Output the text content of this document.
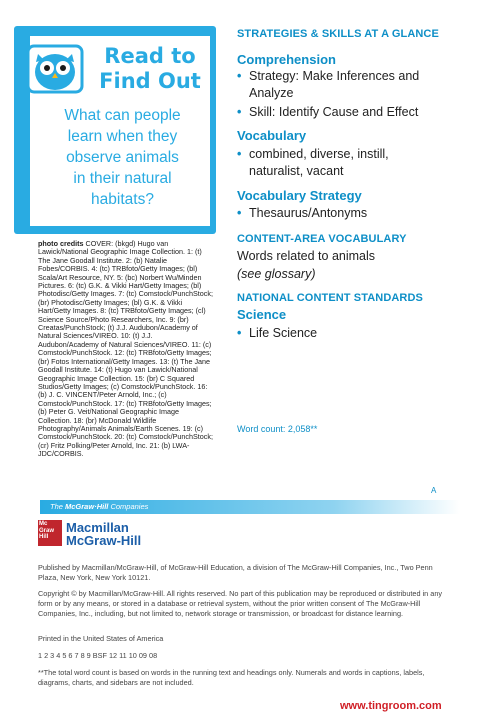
Read to
Find Out
What can people
learn when they
observe animals
in their natural
habitats?
photo credits COVER: (bkgd) Hugo van Lawick/National Geographic Image Collection. 1: (t) The Jane Goodall Institute. 2: (b) Natalie Fobes/CORBIS. 4: (tc) TRBfoto/Getty Images; (bl) Scala/Art Resource, NY. 5: (bc) Norbert Wu/Minden Pictures. 6: (tc) G.K. & Vikki Hart/Getty Images; (bl) Photodisc/Getty Images. 7: (tc) Comstock/PunchStock; (br) Photodisc/Getty Images; (bl) G.K. & Vikki Hart/Getty Images. 8: (tc) TRBfoto/Getty Images; (cl) Science Source/Photo Researchers, Inc. 9: (br) Creatas/PunchStock; (t) J.J. Audubon/Academy of Natural Sciences/VIREO. 10: (t) J.J. Audubon/Academy of Natural Sciences/VIREO. 11: (c) Comstock/PunchStock. 12: (tc) TRBfoto/Getty Images; (br) Fotos International/Getty Images. 13: (t) The Jane Goodall Institute. 14: (t) Hugo van Lawick/National Geographic Image Collection. 15: (br) C Squared Studios/Getty Images; (c) Comstock/PunchStock. 16: (b) J. C. VINCENT/Peter Arnold, Inc.; (c) Comstock/PunchStock. 17: (tc) TRBfoto/Getty Images; (b) Peter G. Veit/National Geographic Image Collection. 18: (br) McDonald Wildlife Photography/Animals Animals/Earth Scenes. 19: (c) Comstock/PunchStock. 20: (tc) Comstock/PunchStock; (cr) Fritz Polking/Peter Arnold, Inc. 21: (b) LWA-JDC/CORBIS.
STRATEGIES & SKILLS AT A GLANCE
Comprehension
• Strategy: Make Inferences and
Analyze
• Skill: Identify Cause and Effect
Vocabulary
• combined, diverse, instill,
naturalist, vacant
Vocabulary Strategy
• Thesaurus/Antonyms
CONTENT-AREA VOCABULARY
Words related to animals
(see glossary)
NATIONAL CONTENT STANDARDS
Science
• Life Science
Word count: 2,058**
A
The McGraw·Hill Companies
Mc Graw Hill
Macmillan
McGraw-Hill
Published by Macmillan/McGraw-Hill, of McGraw-Hill Education, a division of The McGraw-Hill Companies, Inc., Two Penn Plaza, New York, New York 10121.
Copyright © by Macmillan/McGraw-Hill. All rights reserved. No part of this publication may be reproduced or distributed in any form or by any means, or stored in a database or retrieval system, without the prior written consent of The McGraw-Hill Companies, Inc., including, but not limited to, network storage or transmission, or broadcast for distance learning.
Printed in the United States of America
1 2 3 4 5 6 7 8 9 BSF 12 11 10 09 08
**The total word count is based on words in the running text and headings only. Numerals and words in captions, labels, diagrams, charts, and sidebars are not included.
www.tingroom.com
